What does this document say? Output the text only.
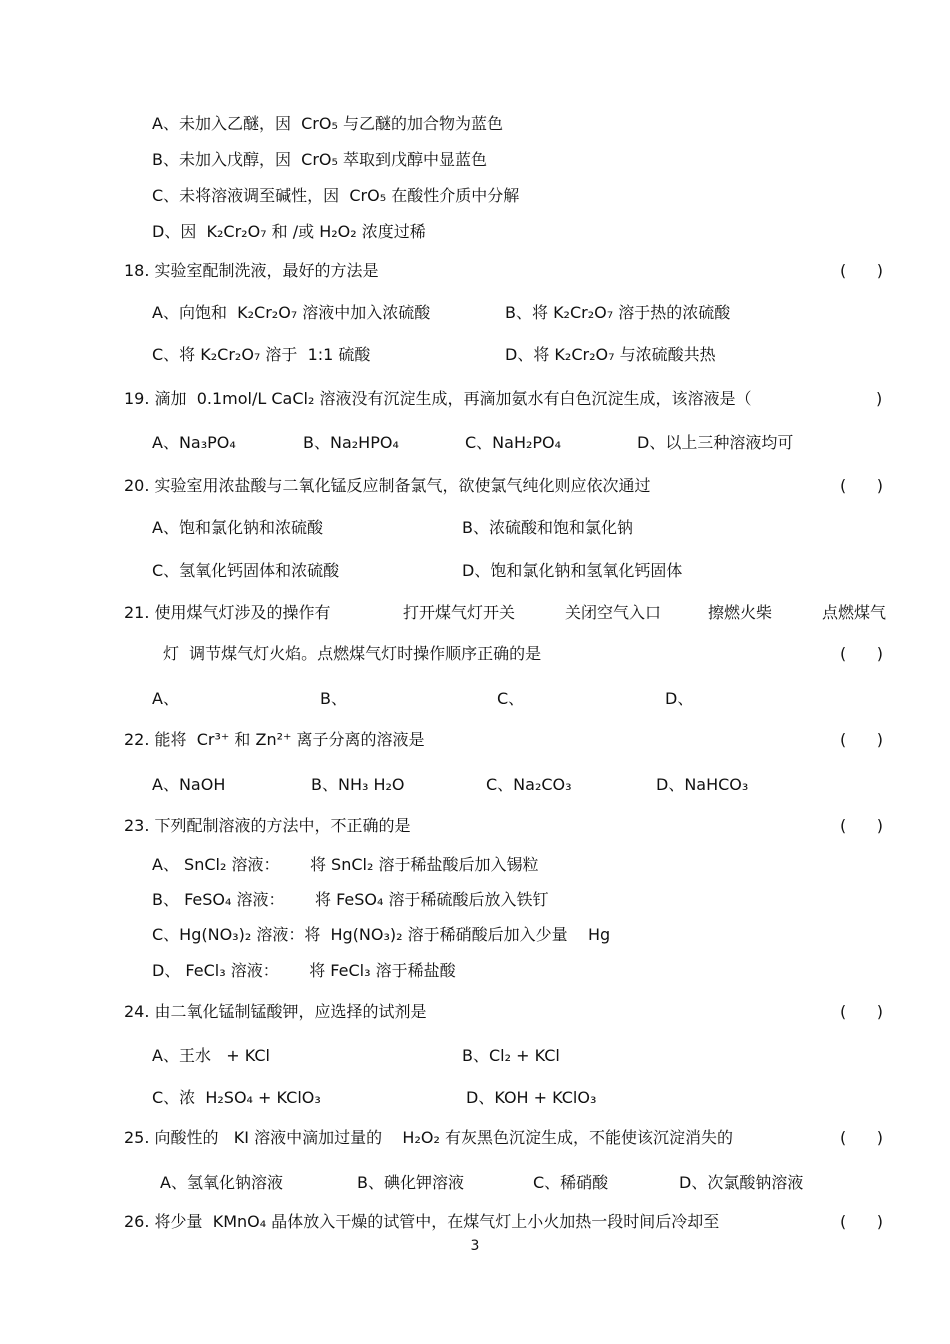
A、未加入乙醚，因  CrO₅ 与乙醚的加合物为蓝色
B、未加入戊醇，因  CrO₅ 萃取到戊醇中显蓝色
C、未将溶液调至碱性，因  CrO₅ 在酸性介质中分解
D、因  K₂Cr₂O₇ 和 /或 H₂O₂ 浓度过稀
18. 实验室配制洗液，最好的方法是	(      )
A、向饱和  K₂Cr₂O₇ 溶液中加入浓硫酸	B、将 K₂Cr₂O₇ 溶于热的浓硫酸
C、将 K₂Cr₂O₇ 溶于  1:1 硫酸	D、将 K₂Cr₂O₇ 与浓硫酸共热
19. 滴加  0.1mol/L CaCl₂ 溶液没有沉淀生成，再滴加氨水有白色沉淀生成，该溶液是（	)
A、Na₃PO₄	B、Na₂HPO₄	C、NaH₂PO₄	D、以上三种溶液均可
20. 实验室用浓盐酸与二氧化锰反应制备氯气，欲使氯气纯化则应依次通过	(      )
A、饱和氯化钠和浓硫酸	B、浓硫酸和饱和氯化钠
C、氢氧化钙固体和浓硫酸	D、饱和氯化钠和氢氧化钙固体
21. 使用煤气灯涉及的操作有	打开煤气灯开关	关闭空气入口	擦燃火柴	点燃煤气
灯  调节煤气灯火焰。点燃煤气灯时操作顺序正确的是	(      )
A、	B、	C、	D、
22. 能将  Cr³⁺ 和 Zn²⁺ 离子分离的溶液是	(      )
A、NaOH	B、NH₃ H₂O	C、Na₂CO₃	D、NaHCO₃
23. 下列配制溶液的方法中，不正确的是	(      )
A、 SnCl₂ 溶液：      将 SnCl₂ 溶于稀盐酸后加入锡粒
B、 FeSO₄ 溶液：      将 FeSO₄ 溶于稀硫酸后放入铁钉
C、Hg(NO₃)₂ 溶液：将  Hg(NO₃)₂ 溶于稀硝酸后加入少量    Hg
D、 FeCl₃ 溶液：      将 FeCl₃ 溶于稀盐酸
24. 由二氧化锰制锰酸钾，应选择的试剂是	(      )
A、王水   + KCl	B、Cl₂ + KCl
C、浓  H₂SO₄ + KClO₃	D、KOH + KClO₃
25. 向酸性的   KI 溶液中滴加过量的    H₂O₂ 有灰黑色沉淀生成，不能使该沉淀消失的	(      )
A、氢氧化钠溶液	B、碘化钾溶液	C、稀硝酸	D、次氯酸钠溶液
26. 将少量  KMnO₄ 晶体放入干燥的试管中，在煤气灯上小火加热一段时间后冷却至	(      )
3
